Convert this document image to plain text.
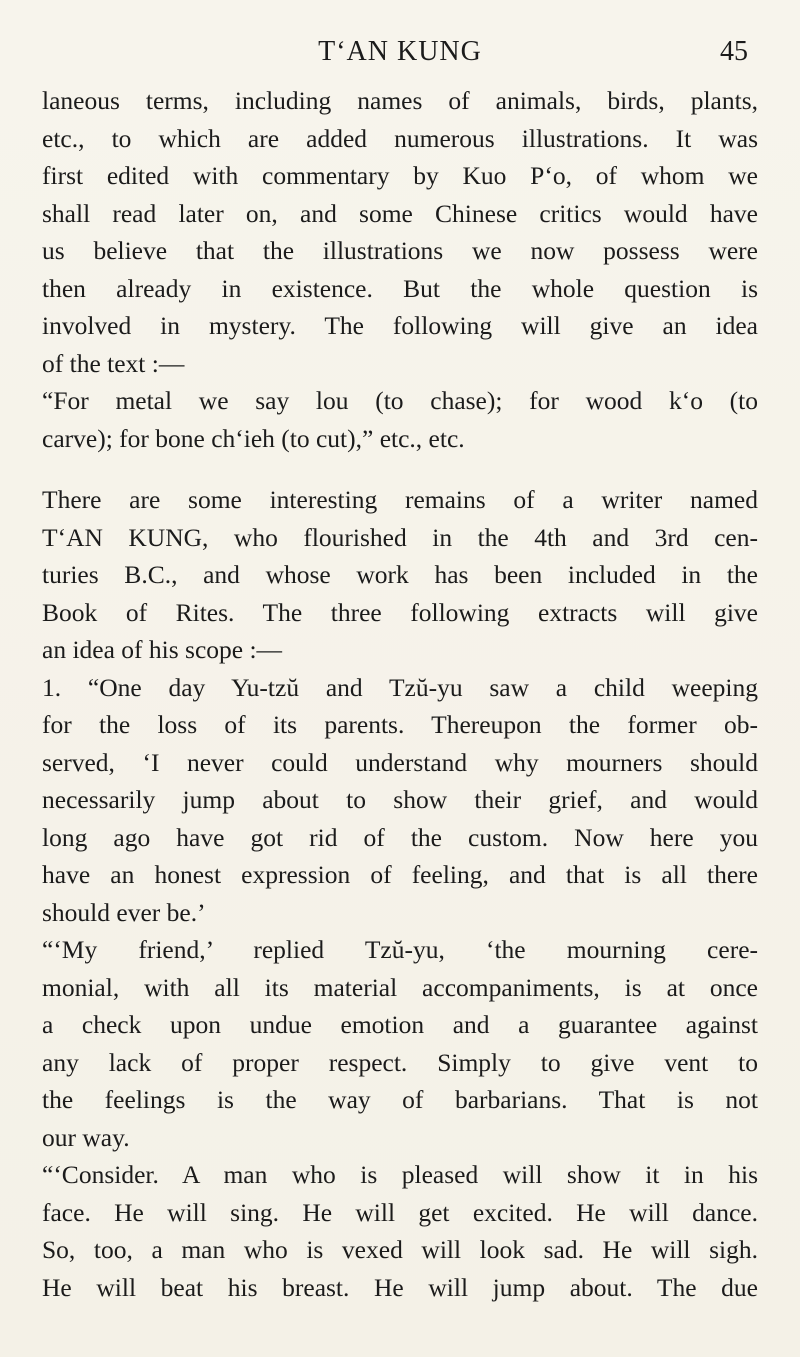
T‘AN KUNG	45
laneous terms, including names of animals, birds, plants,
etc., to which are added numerous illustrations. It was
first edited with commentary by Kuo P‘o, of whom we
shall read later on, and some Chinese critics would have
us believe that the illustrations we now possess were
then already in existence. But the whole question is
involved in mystery. The following will give an idea
of the text :—
“For metal we say lou (to chase); for wood k‘o (to
carve); for bone ch‘ieh (to cut),” etc., etc.
There are some interesting remains of a writer named
T‘AN KUNG, who flourished in the 4th and 3rd cen-
turies B.C., and whose work has been included in the
Book of Rites. The three following extracts will give
an idea of his scope :—
1. “One day Yu-tzŭ and Tzŭ-yu saw a child weeping
for the loss of its parents. Thereupon the former ob-
served, ‘I never could understand why mourners should
necessarily jump about to show their grief, and would
long ago have got rid of the custom. Now here you
have an honest expression of feeling, and that is all there
should ever be.’
“‘My friend,’ replied Tzŭ-yu, ‘the mourning cere-
monial, with all its material accompaniments, is at once
a check upon undue emotion and a guarantee against
any lack of proper respect. Simply to give vent to
the feelings is the way of barbarians. That is not
our way.
“‘Consider. A man who is pleased will show it in his
face. He will sing. He will get excited. He will dance.
So, too, a man who is vexed will look sad. He will sigh.
He will beat his breast. He will jump about. The due
